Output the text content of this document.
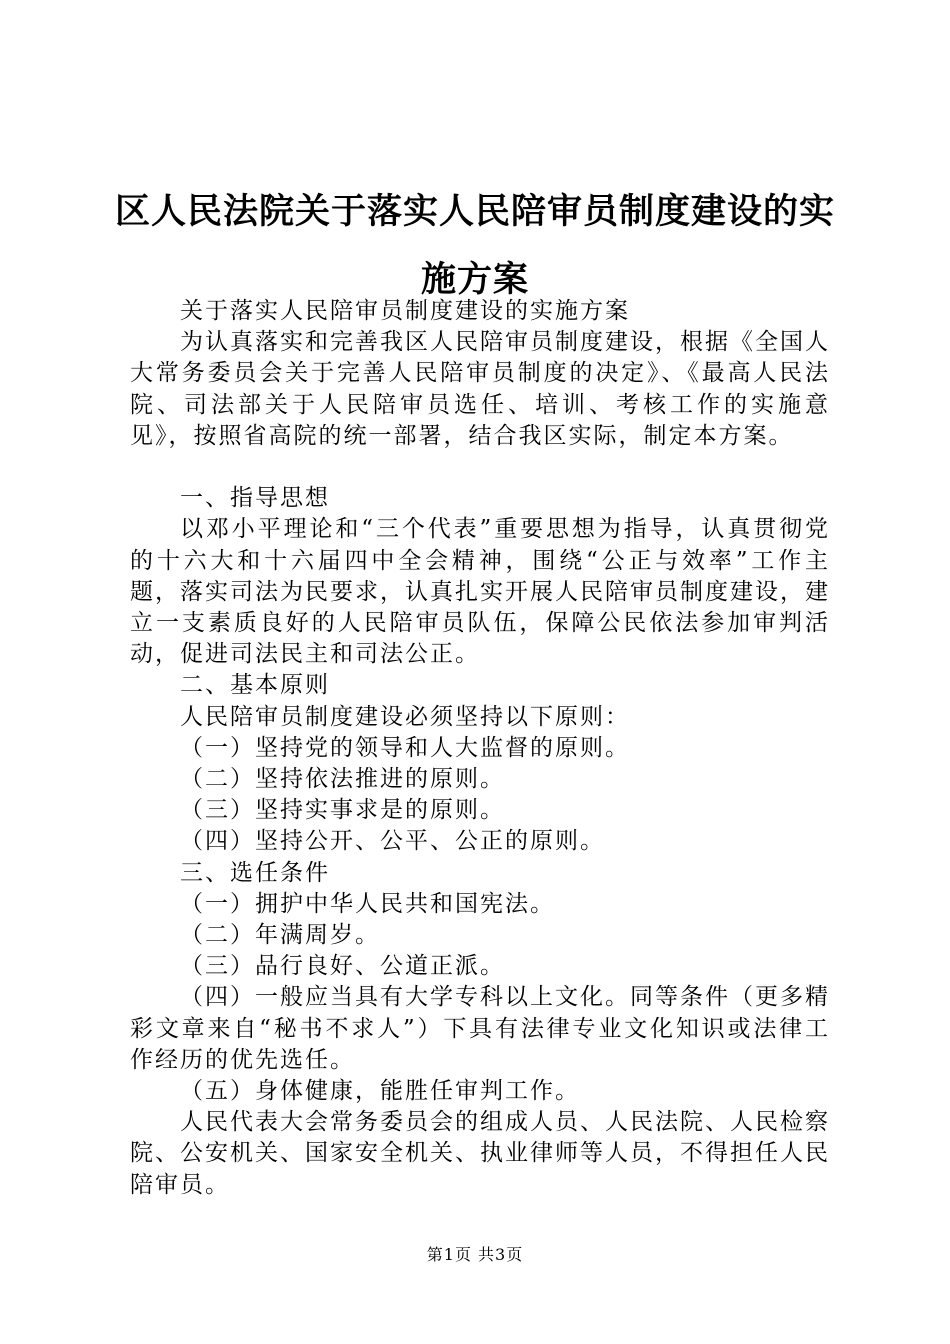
区人民法院关于落实人民陪审员制度建设的实施方案

关于落实人民陪审员制度建设的实施方案

为认真落实和完善我区人民陪审员制度建设，根据《全国人大常务委员会关于完善人民陪审员制度的决定》、《最高人民法院、司法部关于人民陪审员选任、培训、考核工作的实施意见》，按照省高院的统一部署，结合我区实际，制定本方案。

一、指导思想

以邓小平理论和“三个代表”重要思想为指导，认真贯彻党的十六大和十六届四中全会精神，围绕“公正与效率”工作主题，落实司法为民要求，认真扎实开展人民陪审员制度建设，建立一支素质良好的人民陪审员队伍，保障公民依法参加审判活动，促进司法民主和司法公正。

二、基本原则

人民陪审员制度建设必须坚持以下原则：

（一）坚持党的领导和人大监督的原则。

（二）坚持依法推进的原则。

（三）坚持实事求是的原则。

（四）坚持公开、公平、公正的原则。

三、选任条件

（一）拥护中华人民共和国宪法。

（二）年满周岁。

（三）品行良好、公道正派。

（四）一般应当具有大学专科以上文化。同等条件（更多精彩文章来自“秘书不求人”）下具有法律专业文化知识或法律工作经历的优先选任。

（五）身体健康，能胜任审判工作。

人民代表大会常务委员会的组成人员、人民法院、人民检察院、公安机关、国家安全机关、执业律师等人员，不得担任人民陪审员。

第1页 共3页
